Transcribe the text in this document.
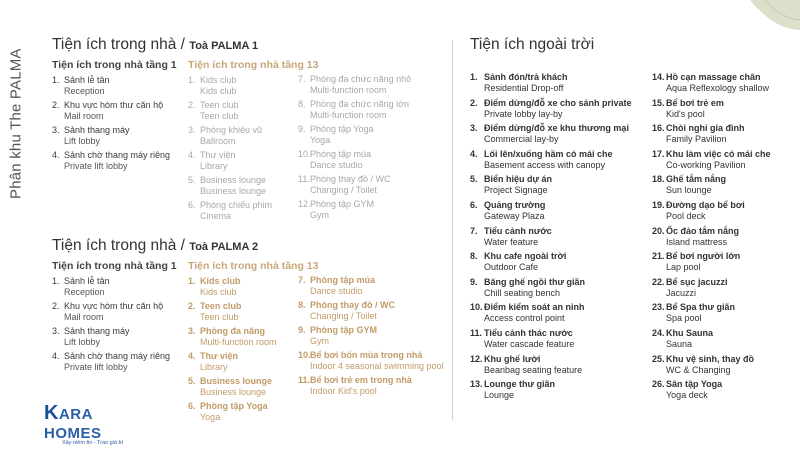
Phân khu The PALMA
Tiện ích trong nhà / Toà PALMA 1
Tiện ích trong nhà tầng 1
1. Sảnh lễ tân
Reception
2. Khu vực hòm thư căn hộ
Mail room
3. Sảnh thang máy
Lift lobby
4. Sảnh chờ thang máy riêng
Private lift lobby
Tiện ích trong nhà tầng 13
1. Kids club
Kids club
2. Teen club
Teen club
3. Phòng khiêu vũ
Ballroom
4. Thư viện
Library
5. Business lounge
Business lounge
6. Phòng chiếu phim
Cinema
7. Phòng đa chức năng nhỏ
Multi-function room
8. Phòng đa chức năng lớn
Multi-function room
9. Phòng tập Yoga
Yoga
10. Phòng tập múa
Dance studio
11. Phòng thay đồ / WC
Changing / Toilet
12. Phòng tập GYM
Gym
Tiện ích trong nhà / Toà PALMA 2
Tiện ích trong nhà tầng 1
1. Sảnh lễ tân
Reception
2. Khu vực hòm thư căn hộ
Mail room
3. Sảnh thang máy
Lift lobby
4. Sảnh chờ thang máy riêng
Private lift lobby
Tiện ích trong nhà tầng 13
1. Kids club
Kids club
2. Teen club
Teen club
3. Phòng đa năng
Multi-function room
4. Thư viện
Library
5. Business lounge
Business lounge
6. Phòng tập Yoga
Yoga
7. Phòng tập múa
Dance studio
8. Phòng thay đồ / WC
Changing / Toilet
9. Phòng tập GYM
Gym
10. Bể bơi bốn mùa trong nhà
Indoor 4 seasonal swimming pool
11. Bể bơi trẻ em trong nhà
Indoor Kid's pool
Tiện ích ngoài trời
1. Sảnh đón/trả khách
Residential Drop-off
2. Điểm dừng/đỗ xe cho sảnh private
Private lobby lay-by
3. Điểm dừng/đỗ xe khu thương mại
Commercial lay-by
4. Lối lên/xuống hầm có mái che
Basement access with canopy
5. Biển hiệu dự án
Project Signage
6. Quảng trường
Gateway Plaza
7. Tiểu cảnh nước
Water feature
8. Khu cafe ngoài trời
Outdoor Cafe
9. Băng ghế ngồi thư giãn
Chill seating bench
10. Điểm kiểm soát an ninh
Access control point
11. Tiểu cảnh thác nước
Water cascade feature
12. Khu ghế lười
Beanbag seating feature
13. Lounge thư giãn
Lounge
14. Hồ cạn massage chân
Aqua Reflexology shallow
15. Bể bơi trẻ em
Kid's pool
16. Chòi nghỉ gia đình
Family Pavilion
17. Khu làm việc có mái che
Co-working Pavilion
18. Ghế tắm nắng
Sun lounge
19. Đường dạo bể bơi
Pool deck
20. Ốc đảo tắm nắng
Island mattress
21. Bể bơi người lớn
Lap pool
22. Bể sục jacuzzi
Jacuzzi
23. Bể Spa thư giãn
Spa pool
24. Khu Sauna
Sauna
25. Khu vệ sinh, thay đồ
WC & Changing
26. Sân tập Yoga
Yoga deck
KARA HOMES
Xây niềm tin - Trao giá trị
